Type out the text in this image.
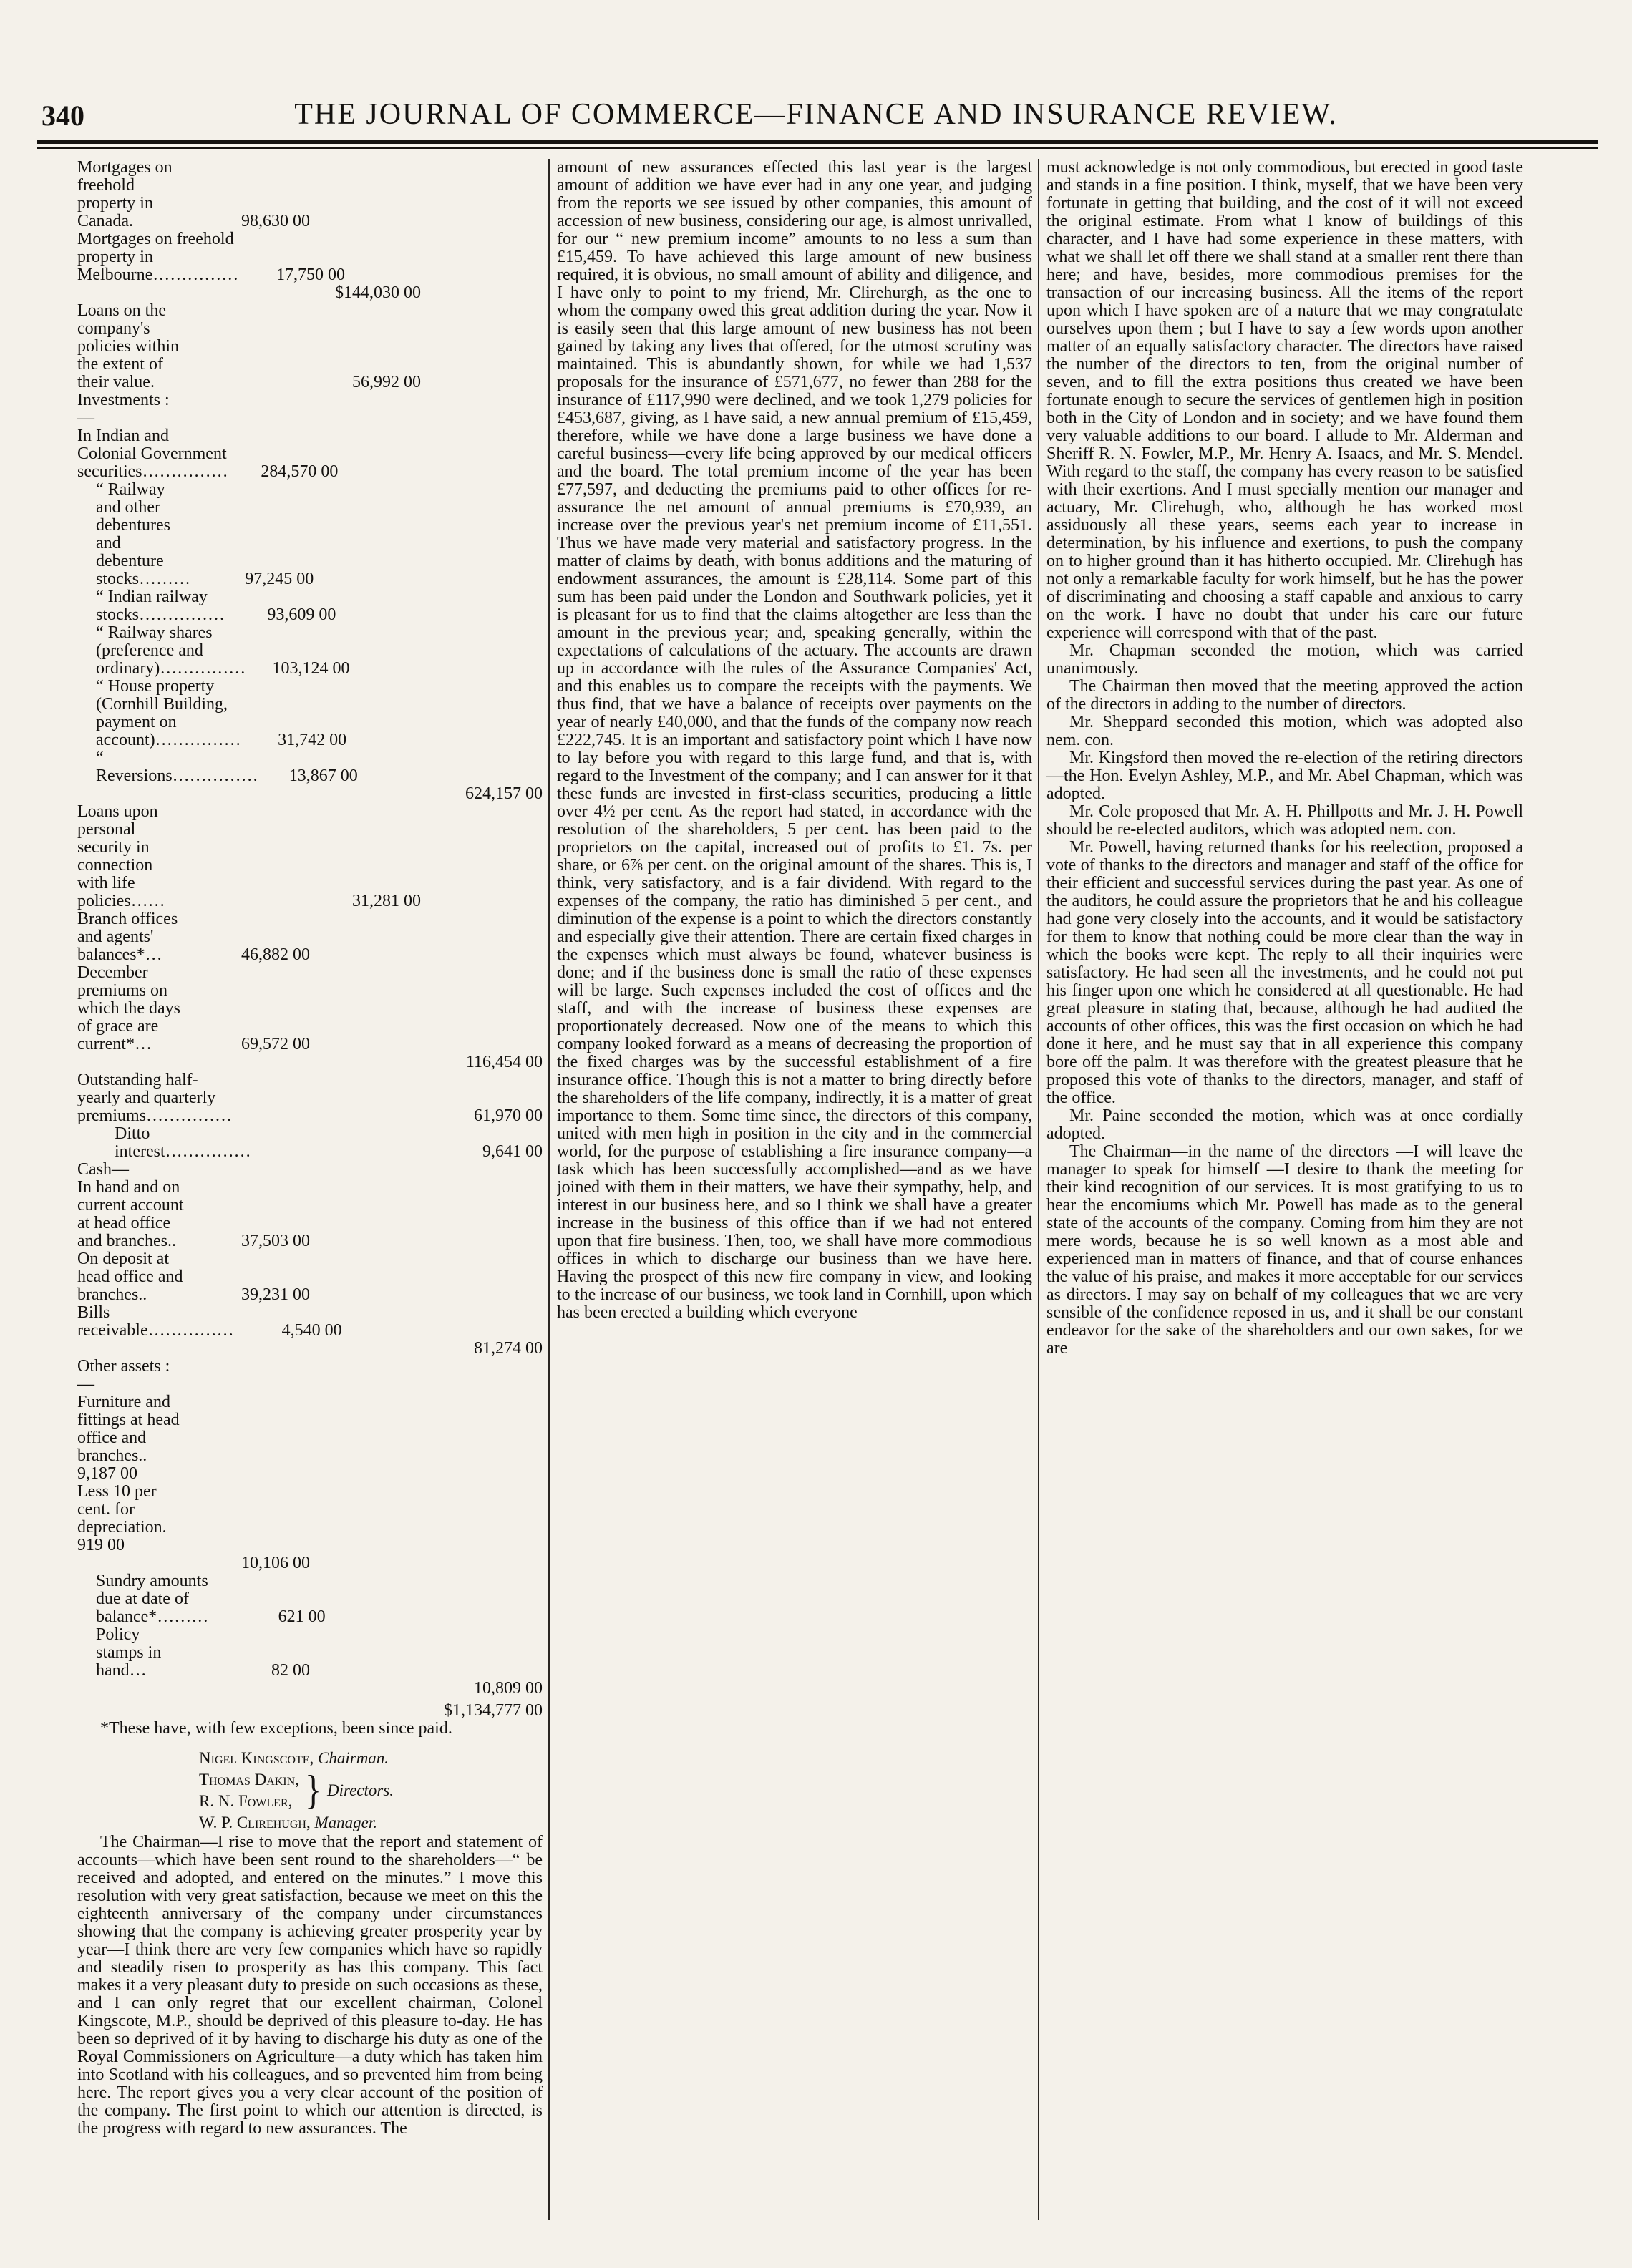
340	THE JOURNAL OF COMMERCE—FINANCE AND INSURANCE REVIEW.
Mortgages on freehold property in Canada.	98,630 00
Mortgages on freehold property in Melbourne……………	17,750 00
$144,030 00
Loans on the company's policies within the extent of their value.	56,992 00
Investments :—
In Indian and Colonial Government securities……………	284,570 00
“ Railway and other debentures and debenture stocks………	97,245 00
“ Indian railway stocks……………	93,609 00
“ Railway shares (preference and ordinary)……………	103,124 00
“ House property (Cornhill Building, payment on account)……………	31,742 00
“ Reversions……………	13,867 00
624,157 00
Loans upon personal security in connection with life policies……	31,281 00
Branch offices and agents' balances*…	46,882 00
December premiums on which the days of grace are current*…	69,572 00
116,454 00
Outstanding half-yearly and quarterly premiums……………	61,970 00
Ditto interest……………	9,641 00
Cash—
In hand and on current account at head office and branches..	37,503 00
On deposit at head office and branches..	39,231 00
Bills receivable……………	4,540 00
81,274 00
Other assets :—
Furniture and fittings at head office and branches.. 9,187 00
Less 10 per cent. for depreciation.   919 00
10,106 00
Sundry amounts due at date of balance*………	621 00
Policy stamps in hand…	82 00
10,809 00
$1,134,777 00

*These have, with few exceptions, been since paid.

Nigel Kingscote, Chairman.
Thomas Dakin,
R. N. Fowler, } Directors.
W. P. Clirehugh, Manager.

The Chairman—I rise to move that the report and statement of accounts—which have been sent round to the shareholders—“ be received and adopted, and entered on the minutes.” I move this resolution with very great satisfaction, because we meet on this the eighteenth anniversary of the company under circumstances showing that the company is achieving greater prosperity year by year—I think there are very few companies which have so rapidly and steadily risen to prosperity as has this company. This fact makes it a very pleasant duty to preside on such occasions as these, and I can only regret that our excellent chairman, Colonel Kingscote, M.P., should be deprived of this pleasure to-day. He has been so deprived of it by having to discharge his duty as one of the Royal Commissioners on Agriculture—a duty which has taken him into Scotland with his colleagues, and so prevented him from being here. The report gives you a very clear account of the position of the company. The first point to which our attention is directed, is the progress with regard to new assurances. The

amount of new assurances effected this last year is the largest amount of addition we have ever had in any one year, and judging from the reports we see issued by other companies, this amount of accession of new business, considering our age, is almost unrivalled, for our “ new premium income” amounts to no less a sum than £15,459. To have achieved this large amount of new business required, it is obvious, no small amount of ability and diligence, and I have only to point to my friend, Mr. Clirehurgh, as the one to whom the company owed this great addition during the year. Now it is easily seen that this large amount of new business has not been gained by taking any lives that offered, for the utmost scrutiny was maintained. This is abundantly shown, for while we had 1,537 proposals for the insurance of £571,677, no fewer than 288 for the insurance of £117,990 were declined, and we took 1,279 policies for £453,687, giving, as I have said, a new annual premium of £15,459, therefore, while we have done a large business we have done a careful business—every life being approved by our medical officers and the board. The total premium income of the year has been £77,597, and deducting the premiums paid to other offices for re-assurance the net amount of annual premiums is £70,939, an increase over the previous year's net premium income of £11,551. Thus we have made very material and satisfactory progress. In the matter of claims by death, with bonus additions and the maturing of endowment assurances, the amount is £28,114. Some part of this sum has been paid under the London and Southwark policies, yet it is pleasant for us to find that the claims altogether are less than the amount in the previous year; and, speaking generally, within the expectations of calculations of the actuary. The accounts are drawn up in accordance with the rules of the Assurance Companies' Act, and this enables us to compare the receipts with the payments. We thus find, that we have a balance of receipts over payments on the year of nearly £40,000, and that the funds of the company now reach £222,745. It is an important and satisfactory point which I have now to lay before you with regard to this large fund, and that is, with regard to the Investment of the company; and I can answer for it that these funds are invested in first-class securities, producing a little over 4½ per cent. As the report had stated, in accordance with the resolution of the shareholders, 5 per cent. has been paid to the proprietors on the capital, increased out of profits to £1. 7s. per share, or 6⅞ per cent. on the original amount of the shares. This is, I think, very satisfactory, and is a fair dividend. With regard to the expenses of the company, the ratio has diminished 5 per cent., and diminution of the expense is a point to which the directors constantly and especially give their attention. There are certain fixed charges in the expenses which must always be found, whatever business is done; and if the business done is small the ratio of these expenses will be large. Such expenses included the cost of offices and the staff, and with the increase of business these expenses are proportionately decreased. Now one of the means to which this company looked forward as a means of decreasing the proportion of the fixed charges was by the successful establishment of a fire insurance office. Though this is not a matter to bring directly before the shareholders of the life company, indirectly, it is a matter of great importance to them. Some time since, the directors of this company, united with men high in position in the city and in the commercial world, for the purpose of establishing a fire insurance company—a task which has been successfully accomplished—and as we have joined with them in their matters, we have their sympathy, help, and interest in our business here, and so I think we shall have a greater increase in the business of this office than if we had not entered upon that fire business. Then, too, we shall have more commodious offices in which to discharge our business than we have here. Having the prospect of this new fire company in view, and looking to the increase of our business, we took land in Cornhill, upon which has been erected a building which everyone

must acknowledge is not only commodious, but erected in good taste and stands in a fine position. I think, myself, that we have been very fortunate in getting that building, and the cost of it will not exceed the original estimate. From what I know of buildings of this character, and I have had some experience in these matters, with what we shall let off there we shall stand at a smaller rent there than here; and have, besides, more commodious premises for the transaction of our increasing business. All the items of the report upon which I have spoken are of a nature that we may congratulate ourselves upon them ; but I have to say a few words upon another matter of an equally satisfactory character. The directors have raised the number of the directors to ten, from the original number of seven, and to fill the extra positions thus created we have been fortunate enough to secure the services of gentlemen high in position both in the City of London and in society; and we have found them very valuable additions to our board. I allude to Mr. Alderman and Sheriff R. N. Fowler, M.P., Mr. Henry A. Isaacs, and Mr. S. Mendel. With regard to the staff, the company has every reason to be satisfied with their exertions. And I must specially mention our manager and actuary, Mr. Clirehugh, who, although he has worked most assiduously all these years, seems each year to increase in determination, by his influence and exertions, to push the company on to higher ground than it has hitherto occupied. Mr. Clirehugh has not only a remarkable faculty for work himself, but he has the power of discriminating and choosing a staff capable and anxious to carry on the work. I have no doubt that under his care our future experience will correspond with that of the past.

Mr. Chapman seconded the motion, which was carried unanimously.

The Chairman then moved that the meeting approved the action of the directors in adding to the number of directors.

Mr. Sheppard seconded this motion, which was adopted also nem. con.

Mr. Kingsford then moved the re-election of the retiring directors—the Hon. Evelyn Ashley, M.P., and Mr. Abel Chapman, which was adopted.

Mr. Cole proposed that Mr. A. H. Phillpotts and Mr. J. H. Powell should be re-elected auditors, which was adopted nem. con.

Mr. Powell, having returned thanks for his reelection, proposed a vote of thanks to the directors and manager and staff of the office for their efficient and successful services during the past year. As one of the auditors, he could assure the proprietors that he and his colleague had gone very closely into the accounts, and it would be satisfactory for them to know that nothing could be more clear than the way in which the books were kept. The reply to all their inquiries were satisfactory. He had seen all the investments, and he could not put his finger upon one which he considered at all questionable. He had great pleasure in stating that, because, although he had audited the accounts of other offices, this was the first occasion on which he had done it here, and he must say that in all experience this company bore off the palm. It was therefore with the greatest pleasure that he proposed this vote of thanks to the directors, manager, and staff of the office.

Mr. Paine seconded the motion, which was at once cordially adopted.

The Chairman—in the name of the directors —I will leave the manager to speak for himself —I desire to thank the meeting for their kind recognition of our services. It is most gratifying to us to hear the encomiums which Mr. Powell has made as to the general state of the accounts of the company. Coming from him they are not mere words, because he is so well known as a most able and experienced man in matters of finance, and that of course enhances the value of his praise, and makes it more acceptable for our services as directors. I may say on behalf of my colleagues that we are very sensible of the confidence reposed in us, and it shall be our constant endeavor for the sake of the shareholders and our own sakes, for we are
